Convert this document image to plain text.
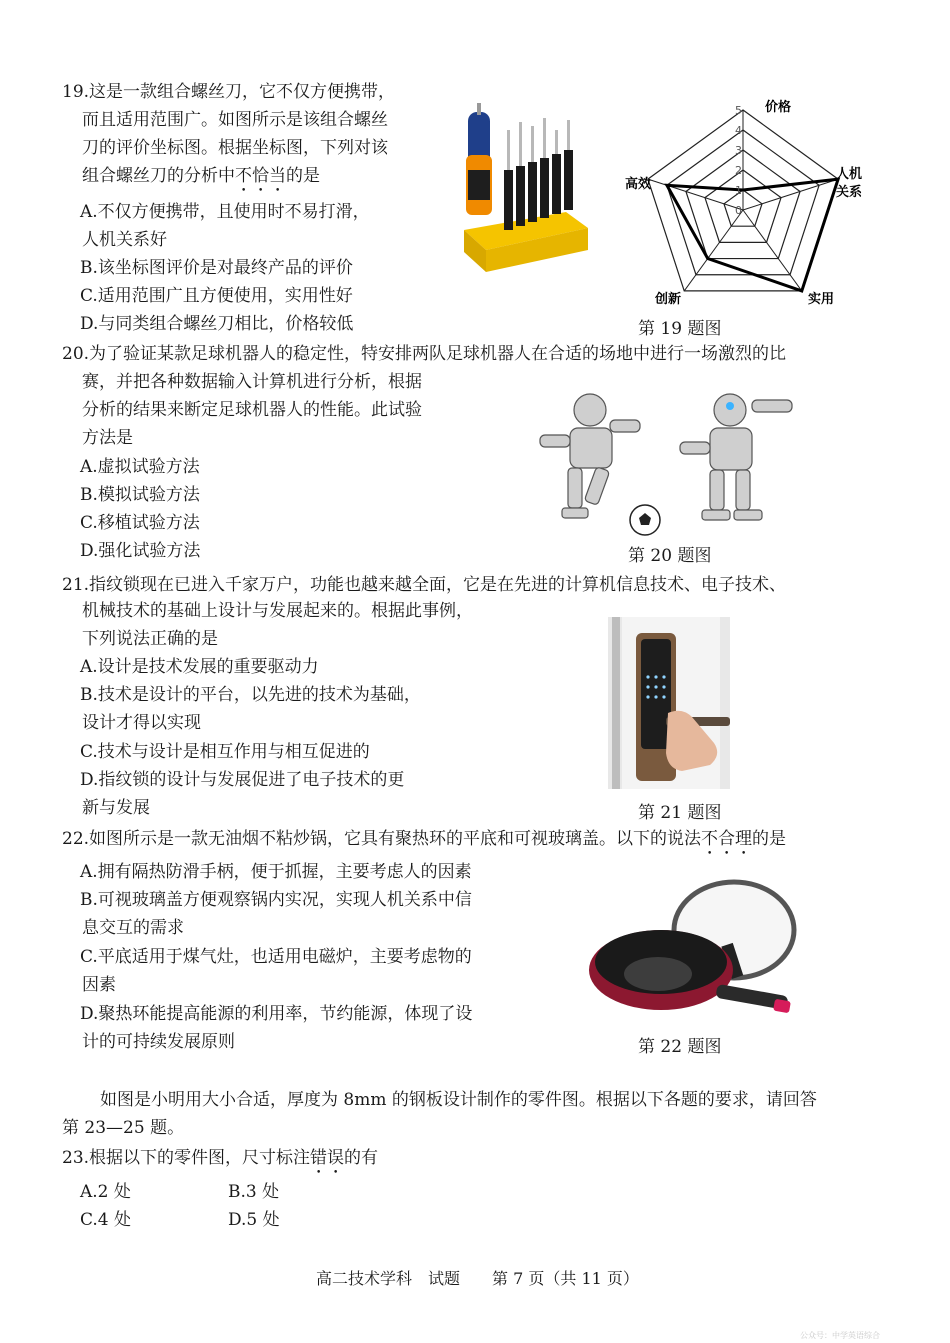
19.这是一款组合螺丝刀，它不仅方便携带，
而且适用范围广。如图所示是该组合螺丝
刀的评价坐标图。根据坐标图，下列对该
组合螺丝刀的分析中不恰当的是
A.不仅方便携带，且使用时不易打滑，
人机关系好
B.该坐标图评价是对最终产品的评价
C.适用范围广且方便使用，实用性好
D.与同类组合螺丝刀相比，价格较低
0
1
2
3
4
5 价格
人机
关系
实用
创新
高效
第 19 题图
20.为了验证某款足球机器人的稳定性，特安排两队足球机器人在合适的场地中进行一场激烈的比
赛，并把各种数据输入计算机进行分析，根据
分析的结果来断定足球机器人的性能。此试验
方法是
A.虚拟试验方法
B.模拟试验方法
C.移植试验方法
D.强化试验方法	第 20 题图
21.指纹锁现在已进入千家万户，功能也越来越全面，它是在先进的计算机信息技术、电子技术、
机械技术的基础上设计与发展起来的。根据此事例，
下列说法正确的是
A.设计是技术发展的重要驱动力
B.技术是设计的平台，以先进的技术为基础，
设计才得以实现
C.技术与设计是相互作用与相互促进的
D.指纹锁的设计与发展促进了电子技术的更
新与发展	第 21 题图
22.如图所示是一款无油烟不粘炒锅，它具有聚热环的平底和可视玻璃盖。以下的说法不合理的是
A.拥有隔热防滑手柄，便于抓握，主要考虑人的因素
B.可视玻璃盖方便观察锅内实况，实现人机关系中信
息交互的需求
C.平底适用于煤气灶，也适用电磁炉，主要考虑物的
因素
D.聚热环能提高能源的利用率，节约能源，体现了设
计的可持续发展原则	第 22 题图
如图是小明用大小合适，厚度为 8mm 的钢板设计制作的零件图。根据以下各题的要求，请回答
第 23—25 题。
23.根据以下的零件图，尺寸标注错误的有
A.2 处	B.3 处
C.4 处	D.5 处
高二技术学科　试题　　第 7 页（共 11 页）
公众号：中学英语综合
